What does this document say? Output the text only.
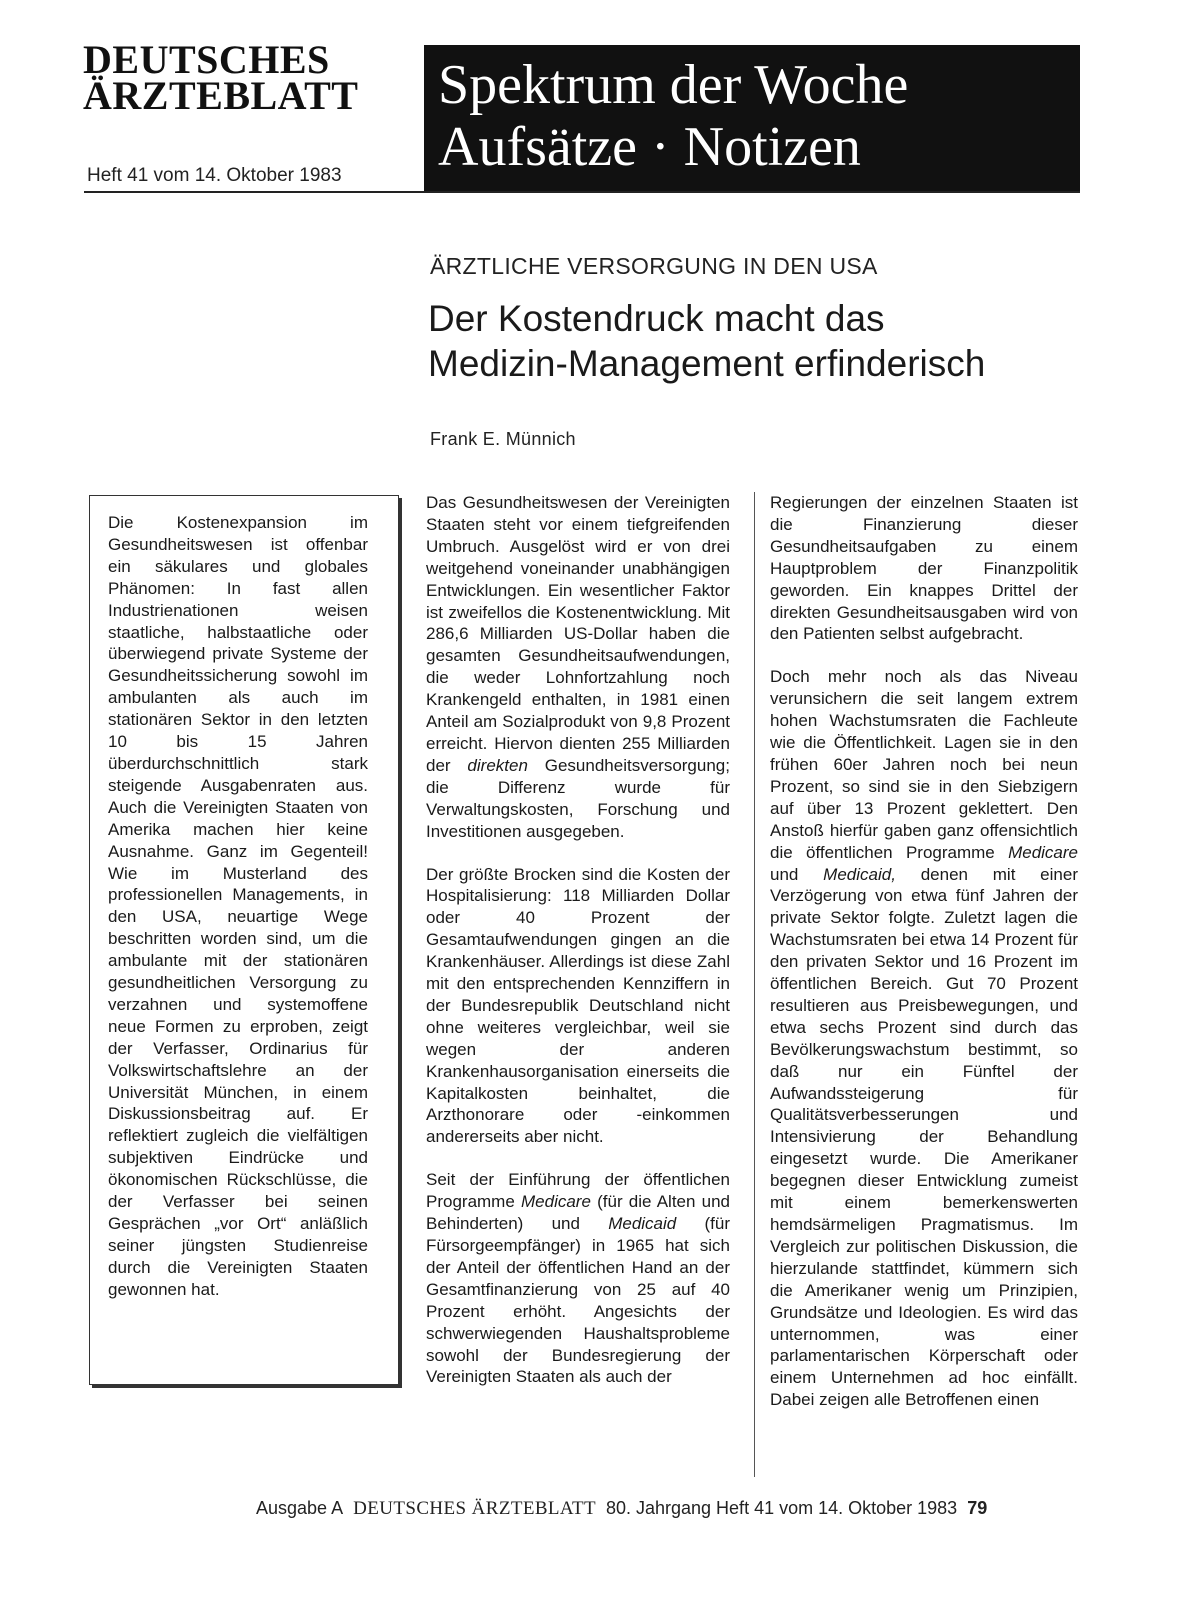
DEUTSCHES
ÄRZTEBLATT
Heft 41 vom 14. Oktober 1983
Spektrum der Woche
Aufsätze · Notizen
ÄRZTLICHE VERSORGUNG IN DEN USA
Der Kostendruck macht das
Medizin-Management erfinderisch
Frank E. Münnich
Die Kostenexpansion im Gesundheitswesen ist offenbar ein säkulares und globales Phänomen: In fast allen Industrienationen weisen staatliche, halbstaatliche oder überwiegend private Systeme der Gesundheitssicherung sowohl im ambulanten als auch im stationären Sektor in den letzten 10 bis 15 Jahren überdurchschnittlich stark steigende Ausgabenraten aus. Auch die Vereinigten Staaten von Amerika machen hier keine Ausnahme. Ganz im Gegenteil! Wie im Musterland des professionellen Managements, in den USA, neuartige Wege beschritten worden sind, um die ambulante mit der stationären gesundheitlichen Versorgung zu verzahnen und systemoffene neue Formen zu erproben, zeigt der Verfasser, Ordinarius für Volkswirtschaftslehre an der Universität München, in einem Diskussionsbeitrag auf. Er reflektiert zugleich die vielfältigen subjektiven Eindrücke und ökonomischen Rückschlüsse, die der Verfasser bei seinen Gesprächen „vor Ort“ anläßlich seiner jüngsten Studienreise durch die Vereinigten Staaten gewonnen hat.

Das Gesundheitswesen der Vereinigten Staaten steht vor einem tiefgreifenden Umbruch. Ausgelöst wird er von drei weitgehend voneinander unabhängigen Entwicklungen. Ein wesentlicher Faktor ist zweifellos die Kostenentwicklung. Mit 286,6 Milliarden US-Dollar haben die gesamten Gesundheitsaufwendungen, die weder Lohnfortzahlung noch Krankengeld enthalten, in 1981 einen Anteil am Sozialprodukt von 9,8 Prozent erreicht. Hiervon dienten 255 Milliarden der direkten Gesundheitsversorgung; die Differenz wurde für Verwaltungskosten, Forschung und Investitionen ausgegeben.

Der größte Brocken sind die Kosten der Hospitalisierung: 118 Milliarden Dollar oder 40 Prozent der Gesamtaufwendungen gingen an die Krankenhäuser. Allerdings ist diese Zahl mit den entsprechenden Kennziffern in der Bundesrepublik Deutschland nicht ohne weiteres vergleichbar, weil sie wegen der anderen Krankenhausorganisation einerseits die Kapitalkosten beinhaltet, die Arzthonorare oder -einkommen andererseits aber nicht.

Seit der Einführung der öffentlichen Programme Medicare (für die Alten und Behinderten) und Medicaid (für Fürsorgeempfänger) in 1965 hat sich der Anteil der öffentlichen Hand an der Gesamtfinanzierung von 25 auf 40 Prozent erhöht. Angesichts der schwerwiegenden Haushaltsprobleme sowohl der Bundesregierung der Vereinigten Staaten als auch der

Regierungen der einzelnen Staaten ist die Finanzierung dieser Gesundheitsaufgaben zu einem Hauptproblem der Finanzpolitik geworden. Ein knappes Drittel der direkten Gesundheitsausgaben wird von den Patienten selbst aufgebracht.

Doch mehr noch als das Niveau verunsichern die seit langem extrem hohen Wachstumsraten die Fachleute wie die Öffentlichkeit. Lagen sie in den frühen 60er Jahren noch bei neun Prozent, so sind sie in den Siebzigern auf über 13 Prozent geklettert. Den Anstoß hierfür gaben ganz offensichtlich die öffentlichen Programme Medicare und Medicaid, denen mit einer Verzögerung von etwa fünf Jahren der private Sektor folgte. Zuletzt lagen die Wachstumsraten bei etwa 14 Prozent für den privaten Sektor und 16 Prozent im öffentlichen Bereich. Gut 70 Prozent resultieren aus Preisbewegungen, und etwa sechs Prozent sind durch das Bevölkerungswachstum bestimmt, so daß nur ein Fünftel der Aufwandssteigerung für Qualitätsverbesserungen und Intensivierung der Behandlung eingesetzt wurde. Die Amerikaner begegnen dieser Entwicklung zumeist mit einem bemerkenswerten hemdsärmeligen Pragmatismus. Im Vergleich zur politischen Diskussion, die hierzulande stattfindet, kümmern sich die Amerikaner wenig um Prinzipien, Grundsätze und Ideologien. Es wird das unternommen, was einer parlamentarischen Körperschaft oder einem Unternehmen ad hoc einfällt. Dabei zeigen alle Betroffenen einen

Ausgabe A DEUTSCHES ÄRZTEBLATT 80. Jahrgang Heft 41 vom 14. Oktober 1983 79
